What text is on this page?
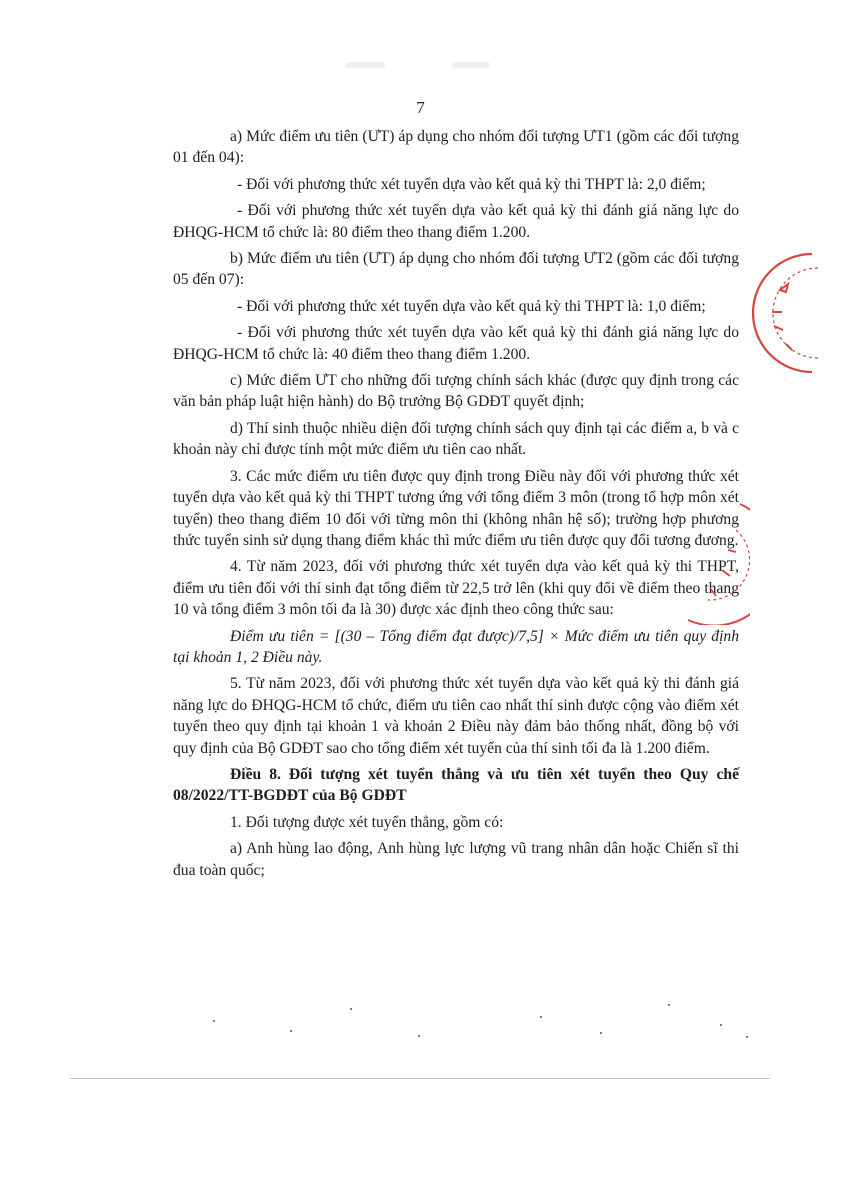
7

a) Mức điểm ưu tiên (ƯT) áp dụng cho nhóm đối tượng ƯT1 (gồm các đối tượng 01 đến 04):

- Đối với phương thức xét tuyển dựa vào kết quả kỳ thi THPT là: 2,0 điểm;

- Đối với phương thức xét tuyển dựa vào kết quả kỳ thi đánh giá năng lực do ĐHQG-HCM tổ chức là: 80 điểm theo thang điểm 1.200.

b) Mức điểm ưu tiên (ƯT) áp dụng cho nhóm đối tượng ƯT2 (gồm các đối tượng 05 đến 07):

- Đối với phương thức xét tuyển dựa vào kết quả kỳ thi THPT là: 1,0 điểm;

- Đối với phương thức xét tuyển dựa vào kết quả kỳ thi đánh giá năng lực do ĐHQG-HCM tổ chức là: 40 điểm theo thang điểm 1.200.

c) Mức điểm ƯT cho những đối tượng chính sách khác (được quy định trong các văn bản pháp luật hiện hành) do Bộ trưởng Bộ GDĐT quyết định;

d) Thí sinh thuộc nhiều diện đối tượng chính sách quy định tại các điểm a, b và c khoản này chỉ được tính một mức điểm ưu tiên cao nhất.

3. Các mức điểm ưu tiên được quy định trong Điều này đối với phương thức xét tuyển dựa vào kết quả kỳ thi THPT tương ứng với tổng điểm 3 môn (trong tổ hợp môn xét tuyển) theo thang điểm 10 đối với từng môn thi (không nhân hệ số); trường hợp phương thức tuyển sinh sử dụng thang điểm khác thì mức điểm ưu tiên được quy đổi tương đương.

4. Từ năm 2023, đối với phương thức xét tuyển dựa vào kết quả kỳ thi THPT, điểm ưu tiên đối với thí sinh đạt tổng điểm từ 22,5 trở lên (khi quy đổi về điểm theo thang 10 và tổng điểm 3 môn tối đa là 30) được xác định theo công thức sau:

Điểm ưu tiên = [(30 – Tổng điểm đạt được)/7,5] × Mức điểm ưu tiên quy định tại khoản 1, 2 Điều này.

5. Từ năm 2023, đối với phương thức xét tuyển dựa vào kết quả kỳ thi đánh giá năng lực do ĐHQG-HCM tổ chức, điểm ưu tiên cao nhất thí sinh được cộng vào điểm xét tuyển theo quy định tại khoản 1 và khoản 2 Điều này đảm bảo thống nhất, đồng bộ với quy định của Bộ GDĐT sao cho tổng điểm xét tuyển của thí sinh tối đa là 1.200 điểm.

Điều 8. Đối tượng xét tuyển thẳng và ưu tiên xét tuyển theo Quy chế 08/2022/TT-BGDĐT của Bộ GDĐT

1. Đối tượng được xét tuyển thẳng, gồm có:

a) Anh hùng lao động, Anh hùng lực lượng vũ trang nhân dân hoặc Chiến sĩ thi đua toàn quốc;
